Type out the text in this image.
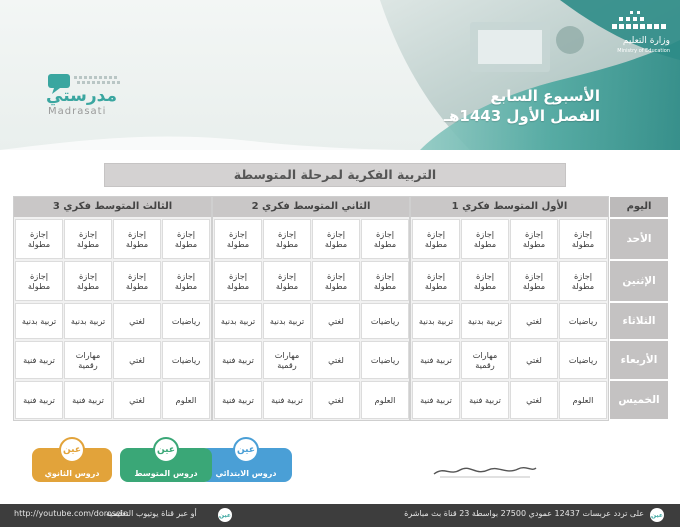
وزارة التعليم
Ministry of Education
الأسبوع السابع
الفصل الأول 1443هـ
مدرستي
Madrasati
التربية الفكرية لمرحلة المتوسطة
اليوم
الأول المتوسط فكري 1
الثاني المتوسط فكري 2
الثالث المتوسط فكري 3
الأحد
الإثنين
الثلاثاء
الأربعاء
الخميس
إجازة
مطولة
إجازة
مطولة
إجازة
مطولة
إجازة
مطولة
إجازة
مطولة
إجازة
مطولة
إجازة
مطولة
إجازة
مطولة
رياضيات
لغتي
تربية بدنية
تربية بدنية
رياضيات
لغتي
مهارات
رقمية
تربية فنية
العلوم
لغتي
تربية فنية
تربية فنية
إجازة
مطولة
إجازة
مطولة
إجازة
مطولة
إجازة
مطولة
إجازة
مطولة
إجازة
مطولة
إجازة
مطولة
إجازة
مطولة
رياضيات
لغتي
تربية بدنية
تربية بدنية
رياضيات
لغتي
مهارات
رقمية
تربية فنية
العلوم
لغتي
تربية فنية
تربية فنية
إجازة
مطولة
إجازة
مطولة
إجازة
مطولة
إجازة
مطولة
إجازة
مطولة
إجازة
مطولة
إجازة
مطولة
إجازة
مطولة
رياضيات
لغتي
تربية بدنية
تربية بدنية
رياضيات
لغتي
مهارات
رقمية
تربية فنية
العلوم
لغتي
تربية فنية
تربية فنية
عين
دروس الابتدائي
عين
دروس المتوسط
عين
دروس الثانوي
عين
على تردد عربسات 12437 عمودي 27500 بواسطة 23 قناة بث مباشرة
عين
أو عبر قناة يوتيوب التعليمية
http://youtube.com/dorosein
